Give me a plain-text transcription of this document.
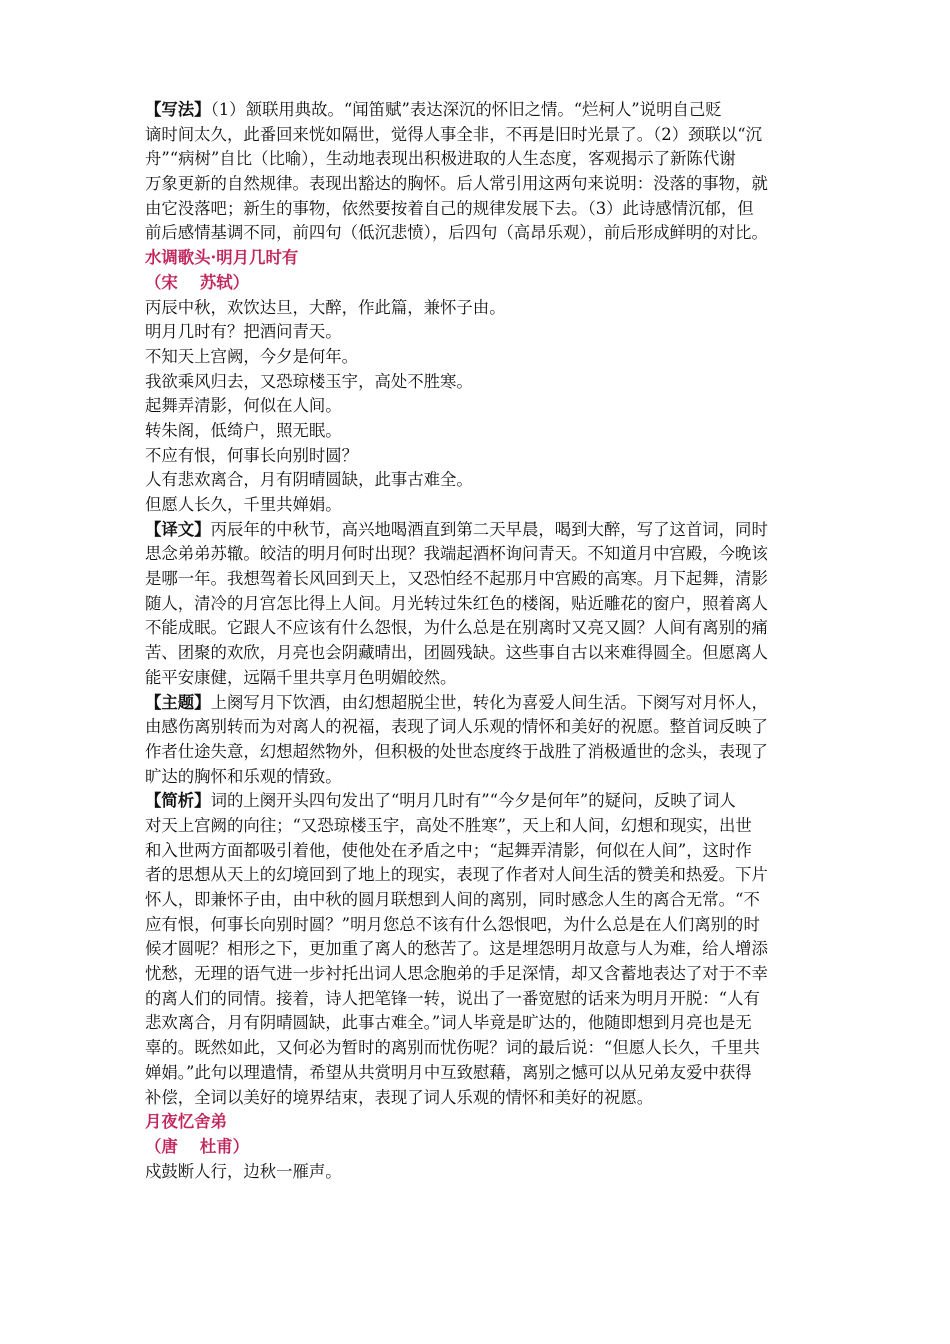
【写法】（1）颔联用典故。“闻笛赋”表达深沉的怀旧之情。“烂柯人”说明自己贬
谪时间太久，此番回来恍如隔世，觉得人事全非，不再是旧时光景了。（2）颈联以“沉
舟”“病树”自比（比喻），生动地表现出积极进取的人生态度，客观揭示了新陈代谢
万象更新的自然规律。表现出豁达的胸怀。后人常引用这两句来说明：没落的事物，就
由它没落吧；新生的事物，依然要按着自己的规律发展下去。（3）此诗感情沉郁，但
前后感情基调不同，前四句（低沉悲愤），后四句（高昂乐观），前后形成鲜明的对比。
水调歌头·明月几时有
（宋　 苏轼）
丙辰中秋，欢饮达旦，大醉，作此篇，兼怀子由。
明月几时有？把酒问青天。
不知天上宫阙，今夕是何年。
我欲乘风归去，又恐琼楼玉宇，高处不胜寒。
起舞弄清影，何似在人间。
转朱阁，低绮户，照无眠。
不应有恨，何事长向别时圆？
人有悲欢离合，月有阴晴圆缺，此事古难全。
但愿人长久，千里共婵娟。
【译文】丙辰年的中秋节，高兴地喝酒直到第二天早晨，喝到大醉，写了这首词，同时
思念弟弟苏辙。皎洁的明月何时出现？我端起酒杯询问青天。不知道月中宫殿，今晚该
是哪一年。我想驾着长风回到天上，又恐怕经不起那月中宫殿的高寒。月下起舞，清影
随人，清冷的月宫怎比得上人间。月光转过朱红色的楼阁，贴近雕花的窗户，照着离人
不能成眠。它跟人不应该有什么怨恨，为什么总是在别离时又亮又圆？人间有离别的痛
苦、团聚的欢欣，月亮也会阴藏晴出，团圆残缺。这些事自古以来难得圆全。但愿离人
能平安康健，远隔千里共享月色明媚皎然。
【主题】上阕写月下饮酒，由幻想超脱尘世，转化为喜爱人间生活。下阕写对月怀人，
由感伤离别转而为对离人的祝福，表现了词人乐观的情怀和美好的祝愿。整首词反映了
作者仕途失意，幻想超然物外，但积极的处世态度终于战胜了消极遁世的念头，表现了
旷达的胸怀和乐观的情致。
【简析】词的上阕开头四句发出了“明月几时有”“今夕是何年”的疑问，反映了词人
对天上宫阙的向往；“又恐琼楼玉宇，高处不胜寒”，天上和人间，幻想和现实，出世
和入世两方面都吸引着他，使他处在矛盾之中；“起舞弄清影，何似在人间”，这时作
者的思想从天上的幻境回到了地上的现实，表现了作者对人间生活的赞美和热爱。下片
怀人，即兼怀子由，由中秋的圆月联想到人间的离别，同时感念人生的离合无常。“不
应有恨，何事长向别时圆？”明月您总不该有什么怨恨吧，为什么总是在人们离别的时
候才圆呢？相形之下，更加重了离人的愁苦了。这是埋怨明月故意与人为难，给人增添
忧愁，无理的语气进一步衬托出词人思念胞弟的手足深情，却又含蓄地表达了对于不幸
的离人们的同情。接着，诗人把笔锋一转，说出了一番宽慰的话来为明月开脱：“人有
悲欢离合，月有阴晴圆缺，此事古难全。”词人毕竟是旷达的，他随即想到月亮也是无
辜的。既然如此，又何必为暂时的离别而忧伤呢？词的最后说：“但愿人长久，千里共
婵娟。”此句以理遣情，希望从共赏明月中互致慰藉，离别之憾可以从兄弟友爱中获得
补偿，全词以美好的境界结束，表现了词人乐观的情怀和美好的祝愿。
月夜忆舍弟
（唐　 杜甫）
戍鼓断人行，边秋一雁声。
